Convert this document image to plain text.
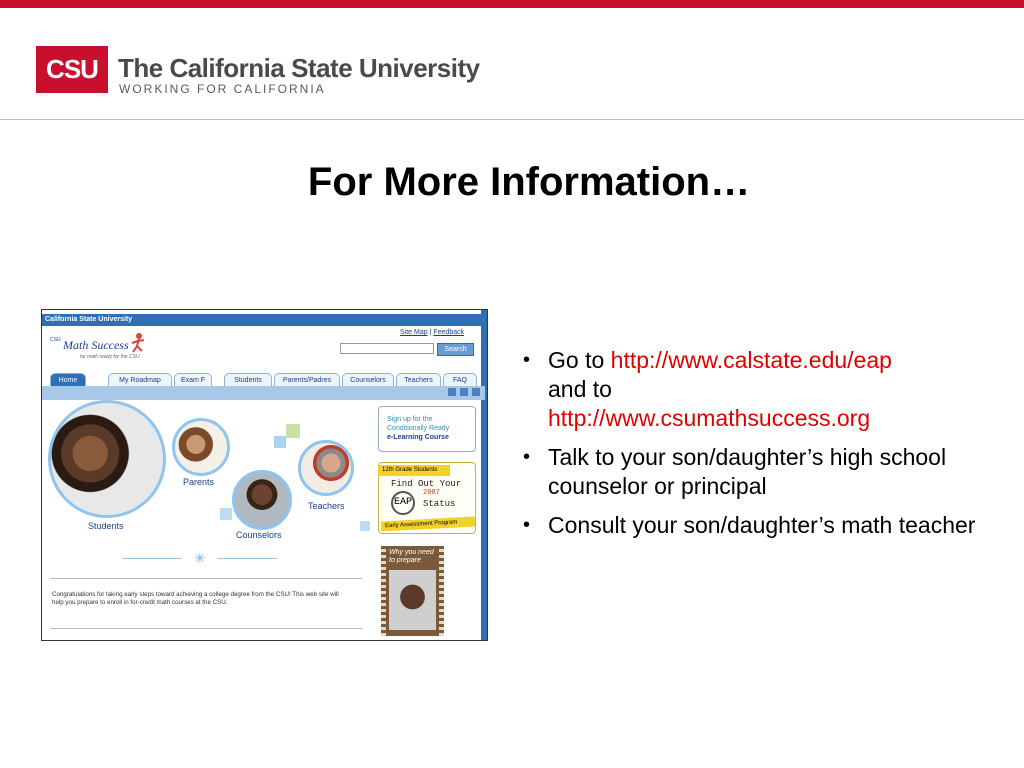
CSU The California State University
WORKING FOR CALIFORNIA
For More Information…
California State University
Site Map | Feedback
CSU Math Success
be math ready for the CSU
Search
Home	My Roadmap	Exam F	Students	Parents/Padres	Counselors	Teachers	FAQ
Students
Parents
Counselors
Teachers
✳
Congratulations for taking early steps toward achieving a college degree from the CSU! This web site will help you prepare to enroll in for-credit math courses at the CSU.
Sign up for the
Conditionally Ready
e-Learning Course
12th Grade Students
Find Out Your
EAP
2007
Status
Early Assessment Program
Why you need
to prepare
• Go to http://www.calstate.edu/eap
and to
http://www.csumathsuccess.org
• Talk to your son/daughter’s high school counselor or principal
• Consult your son/daughter’s math teacher
